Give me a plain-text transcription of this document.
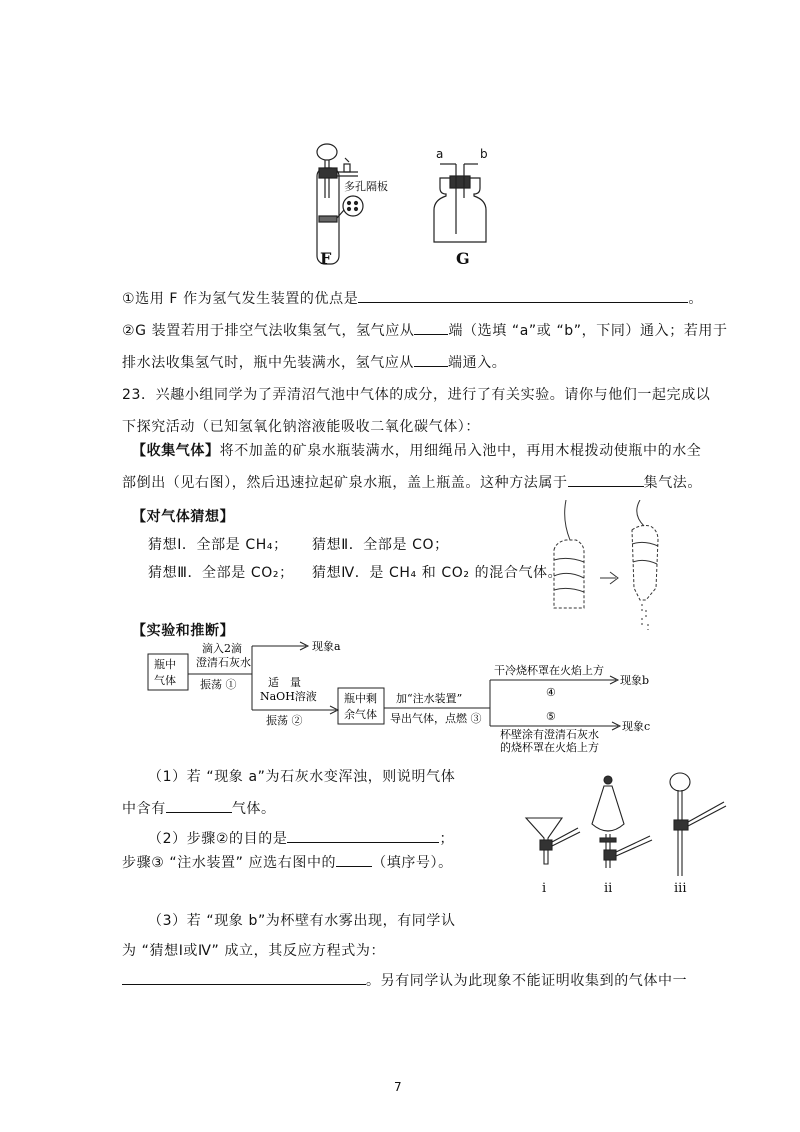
多孔隔板
F
a	b
G
①选用 F 作为氢气发生装置的优点是	。
②G 装置若用于排空气法收集氢气，氢气应从 端（选填 “a”或 “b”，下同）通入；若用于
排水法收集氢气时，瓶中先装满水，氢气应从 端通入。
23．兴趣小组同学为了弄清沼气池中气体的成分，进行了有关实验。请你与他们一起完成以
下探究活动（已知氢氧化钠溶液能吸收二氧化碳气体）：
【收集气体】将不加盖的矿泉水瓶装满水，用细绳吊入池中，再用木棍拨动使瓶中的水全
部倒出（见右图），然后迅速拉起矿泉水瓶，盖上瓶盖。这种方法属于	集气法。
【对气体猜想】
猜想Ⅰ．全部是 CH₄； 猜想Ⅱ．全部是 CO；
猜想Ⅲ．全部是 CO₂； 猜想Ⅳ．是 CH₄ 和 CO₂ 的混合气体。
【实验和推断】
瓶中
气体
滴入2滴
澄清石灰水
振荡 ①
现象a
适　量
NaOH溶液
振荡 ②
瓶中剩
余气体
加“注水装置”
导出气体，点燃 ③
干冷烧杯罩在火焰上方
④
现象b
⑤
杯壁涂有澄清石灰水
的烧杯罩在火焰上方
现象c
（1）若 “现象 a”为石灰水变浑浊，则说明气体
中含有	气体。
（2）步骤②的目的是	；
步骤③ “注水装置” 应选右图中的	（填序号）。
i	ii	iii
（3）若 “现象 b”为杯壁有水雾出现，有同学认
为 “猜想Ⅰ或Ⅳ” 成立，其反应方程式为：
。另有同学认为此现象不能证明收集到的气体中一
7
